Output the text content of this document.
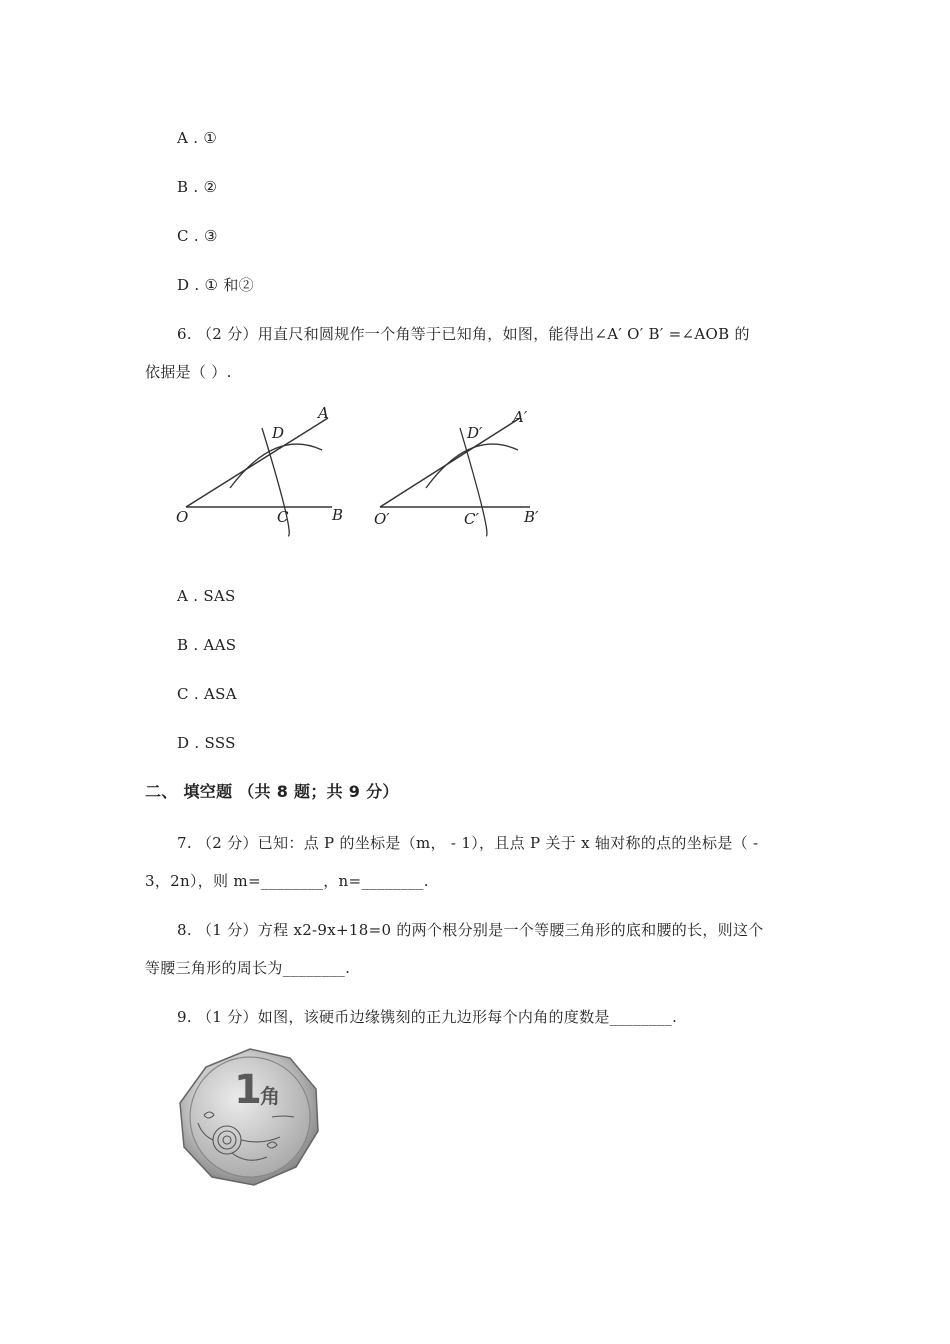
A . ①
B . ②
C . ③
D . ① 和②
6. （2 分）用直尺和圆规作一个角等于已知角，如图，能得出∠A′ O′ B′ =∠AOB 的
依据是（ ）.
O	C	B
D
A
O′	C′	B′
D′
A′
A . SAS
B . AAS
C . ASA
D . SSS
二、 填空题 （共 8 题；共 9 分）
7. （2 分）已知：点 P 的坐标是（m， - 1），且点 P 关于 x 轴对称的点的坐标是（ -
3，2n），则 m=________，n=________.
8. （1 分）方程 x2-9x+18=0 的两个根分别是一个等腰三角形的底和腰的长，则这个
等腰三角形的周长为________.
9. （1 分）如图，该硬币边缘镌刻的正九边形每个内角的度数是________.
1
角
